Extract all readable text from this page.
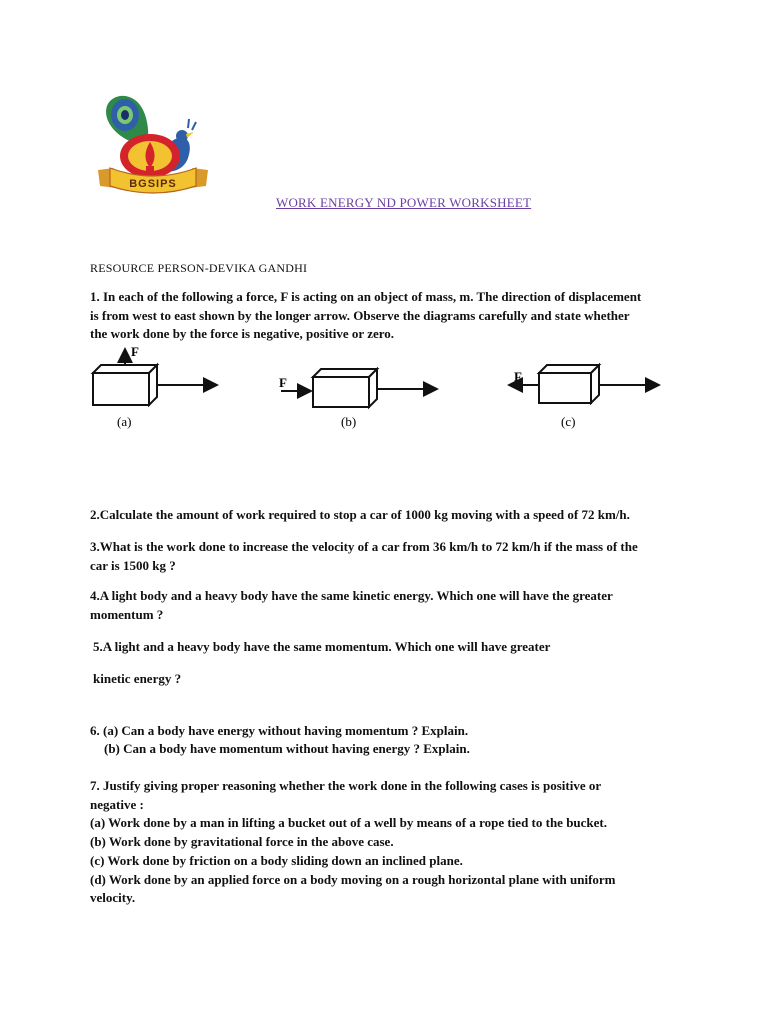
BGSIPS
WORK ENERGY ND POWER WORKSHEET
RESOURCE PERSON-DEVIKA GANDHI

1. In each of the following a force, F is acting on an object of mass, m. The direction of displacement

is from west to east shown by the longer arrow. Observe the diagrams carefully and state whether

the work done by the force is negative, positive or zero.

F
(a)
F
(b)
F
(c)
2.Calculate the amount of work required to stop a car of 1000 kg moving with a speed of 72 km/h.

3.What is the work done to increase the velocity of a car from 36 km/h to 72 km/h if the mass of the

car is 1500 kg ?

4.A light body and a heavy body have the same kinetic energy. Which one will have the greater

momentum ?

5.A light and a heavy body have the same momentum. Which one will have greater
kinetic energy ?
6. (a) Can a body have energy without having momentum ? Explain.
(b) Can a body have momentum without having energy ? Explain.

7. Justify giving proper reasoning whether the work done in the following cases is positive or

negative :

(a) Work done by a man in lifting a bucket out of a well by means of a rope tied to the bucket.

(b) Work done by gravitational force in the above case.

(c) Work done by friction on a body sliding down an inclined plane.

(d) Work done by an applied force on a body moving on a rough horizontal plane with uniform

velocity.
